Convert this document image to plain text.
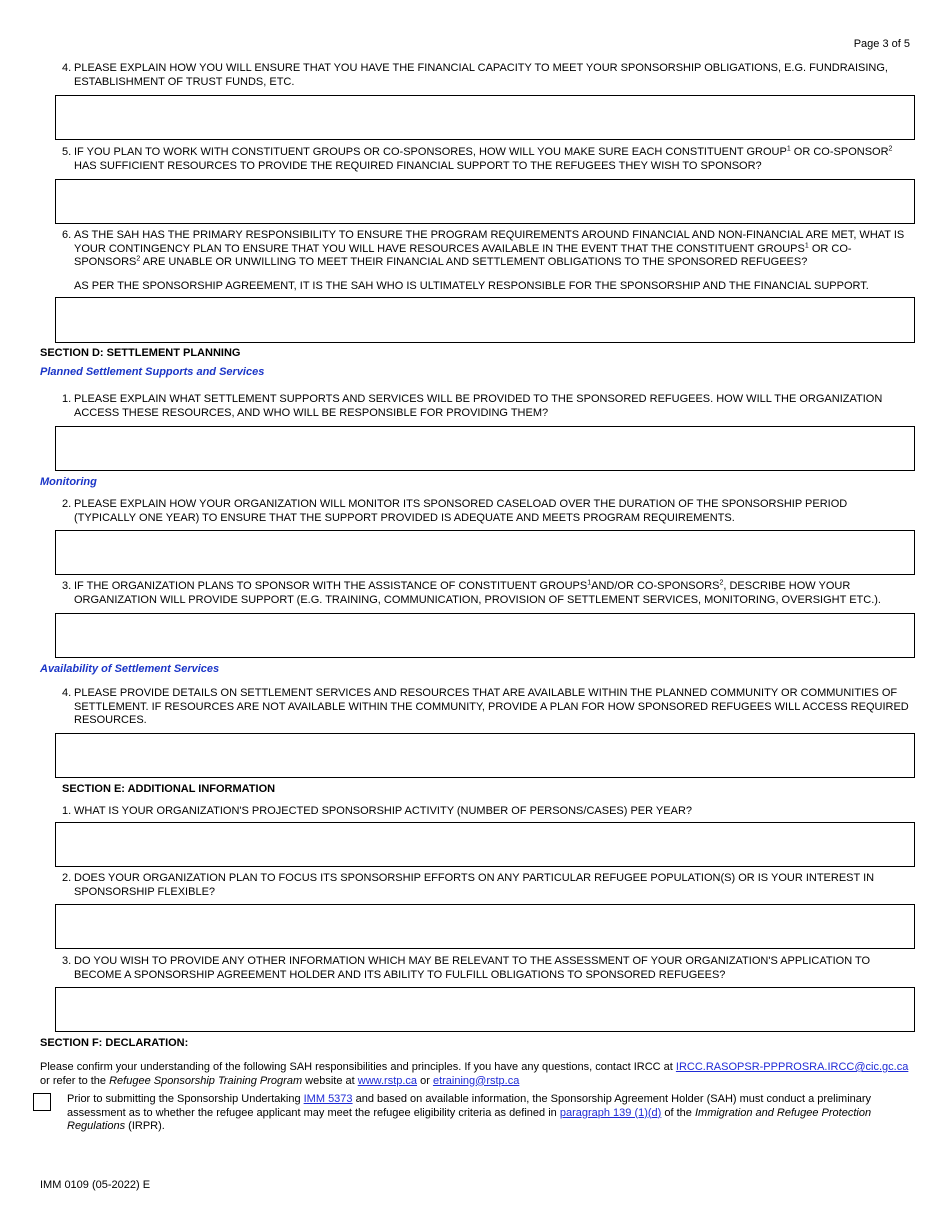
Page 3 of 5
4. PLEASE EXPLAIN HOW YOU WILL ENSURE THAT YOU HAVE THE FINANCIAL CAPACITY TO MEET YOUR SPONSORSHIP OBLIGATIONS, E.G. FUNDRAISING, ESTABLISHMENT OF TRUST FUNDS, ETC.
5. IF YOU PLAN TO WORK WITH CONSTITUENT GROUPS OR CO-SPONSORES, HOW WILL YOU MAKE SURE EACH CONSTITUENT GROUP$^1$ OR CO-SPONSOR$^2$ HAS SUFFICIENT RESOURCES TO PROVIDE THE REQUIRED FINANCIAL SUPPORT TO THE REFUGEES THEY WISH TO SPONSOR?
6. AS THE SAH HAS THE PRIMARY RESPONSIBILITY TO ENSURE THE PROGRAM REQUIREMENTS AROUND FINANCIAL AND NON-FINANCIAL ARE MET, WHAT IS YOUR CONTINGENCY PLAN TO ENSURE THAT YOU WILL HAVE RESOURCES AVAILABLE IN THE EVENT THAT THE CONSTITUENT GROUPS$^1$ OR CO-SPONSORS$^2$ ARE UNABLE OR UNWILLING TO MEET THEIR FINANCIAL AND SETTLEMENT OBLIGATIONS TO THE SPONSORED REFUGEES?
AS PER THE SPONSORSHIP AGREEMENT, IT IS THE SAH WHO IS ULTIMATELY RESPONSIBLE FOR THE SPONSORSHIP AND THE FINANCIAL SUPPORT.
SECTION D: SETTLEMENT PLANNING
Planned Settlement Supports and Services
1. PLEASE EXPLAIN WHAT SETTLEMENT SUPPORTS AND SERVICES WILL BE PROVIDED TO THE SPONSORED REFUGEES. HOW WILL THE ORGANIZATION ACCESS THESE RESOURCES, AND WHO WILL BE RESPONSIBLE FOR PROVIDING THEM?
Monitoring
2. PLEASE EXPLAIN HOW YOUR ORGANIZATION WILL MONITOR ITS SPONSORED CASELOAD OVER THE DURATION OF THE SPONSORSHIP PERIOD (TYPICALLY ONE YEAR) TO ENSURE THAT THE SUPPORT PROVIDED IS ADEQUATE AND MEETS PROGRAM REQUIREMENTS.
3. IF THE ORGANIZATION PLANS TO SPONSOR WITH THE ASSISTANCE OF CONSTITUENT GROUPS$^1$AND/OR CO-SPONSORS$^2$, DESCRIBE HOW YOUR ORGANIZATION WILL PROVIDE SUPPORT (E.G. TRAINING, COMMUNICATION, PROVISION OF SETTLEMENT SERVICES, MONITORING, OVERSIGHT ETC.).
Availability of Settlement Services
4. PLEASE PROVIDE DETAILS ON SETTLEMENT SERVICES AND RESOURCES THAT ARE AVAILABLE WITHIN THE PLANNED COMMUNITY OR COMMUNITIES OF SETTLEMENT. IF RESOURCES ARE NOT AVAILABLE WITHIN THE COMMUNITY, PROVIDE A PLAN FOR HOW SPONSORED REFUGEES WILL ACCESS REQUIRED RESOURCES.
SECTION E: ADDITIONAL INFORMATION
1. WHAT IS YOUR ORGANIZATION'S PROJECTED SPONSORSHIP ACTIVITY (NUMBER OF PERSONS/CASES) PER YEAR?
2. DOES YOUR ORGANIZATION PLAN TO FOCUS ITS SPONSORSHIP EFFORTS ON ANY PARTICULAR REFUGEE POPULATION(S) OR IS YOUR INTEREST IN SPONSORSHIP FLEXIBLE?
3. DO YOU WISH TO PROVIDE ANY OTHER INFORMATION WHICH MAY BE RELEVANT TO THE ASSESSMENT OF YOUR ORGANIZATION'S APPLICATION TO BECOME A SPONSORSHIP AGREEMENT HOLDER AND ITS ABILITY TO FULFILL OBLIGATIONS TO SPONSORED REFUGEES?
SECTION F: DECLARATION:
Please confirm your understanding of the following SAH responsibilities and principles. If you have any questions, contact IRCC at IRCC.RASOPSR-PPPROSRA.IRCC@cic.gc.ca or refer to the Refugee Sponsorship Training Program website at www.rstp.ca or etraining@rstp.ca
Prior to submitting the Sponsorship Undertaking IMM 5373 and based on available information, the Sponsorship Agreement Holder (SAH) must conduct a preliminary assessment as to whether the refugee applicant may meet the refugee eligibility criteria as defined in paragraph 139 (1)(d) of the Immigration and Refugee Protection Regulations (IRPR).
IMM 0109 (05-2022) E
